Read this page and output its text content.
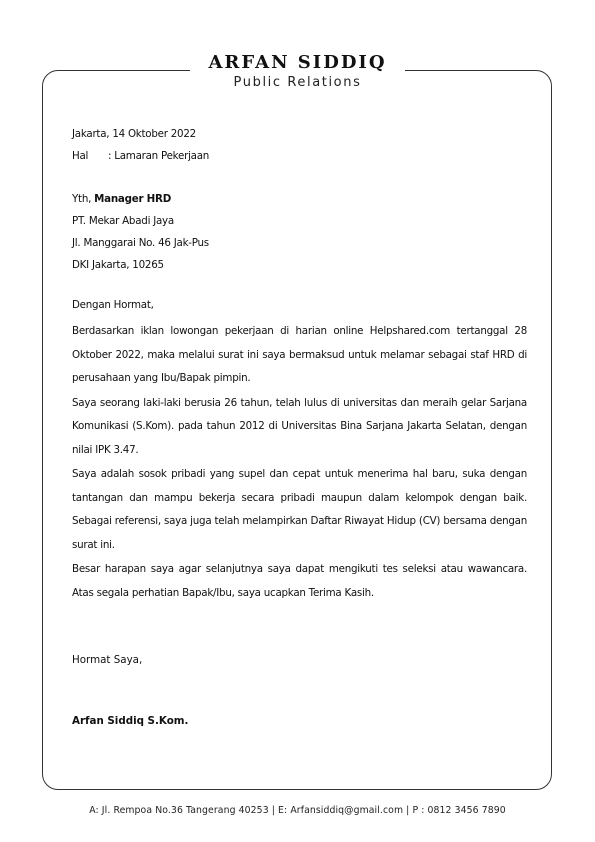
ARFAN SIDDIQ
Public Relations
Jakarta, 14 Oktober 2022
Hal : Lamaran Pekerjaan
Yth, Manager HRD
PT. Mekar Abadi Jaya
Jl. Manggarai No. 46 Jak-Pus
DKI Jakarta, 10265
Dengan Hormat,
Berdasarkan iklan lowongan pekerjaan di harian online Helpshared.com tertanggal 28 Oktober 2022, maka melalui surat ini saya bermaksud untuk melamar sebagai staf HRD di perusahaan yang Ibu/Bapak pimpin.
Saya seorang laki-laki berusia 26 tahun, telah lulus di universitas dan meraih gelar Sarjana Komunikasi (S.Kom). pada tahun 2012 di Universitas Bina Sarjana Jakarta Selatan, dengan nilai IPK 3.47.
Saya adalah sosok pribadi yang supel dan cepat untuk menerima hal baru, suka dengan tantangan dan mampu bekerja secara pribadi maupun dalam kelompok dengan baik. Sebagai referensi, saya juga telah melampirkan Daftar Riwayat Hidup (CV) bersama dengan surat ini.
Besar harapan saya agar selanjutnya saya dapat mengikuti tes seleksi atau wawancara. Atas segala perhatian Bapak/Ibu, saya ucapkan Terima Kasih.
Hormat Saya,
Arfan Siddiq S.Kom.
A: Jl. Rempoa No.36 Tangerang 40253 | E: Arfansiddiq@gmail.com | P : 0812 3456 7890
